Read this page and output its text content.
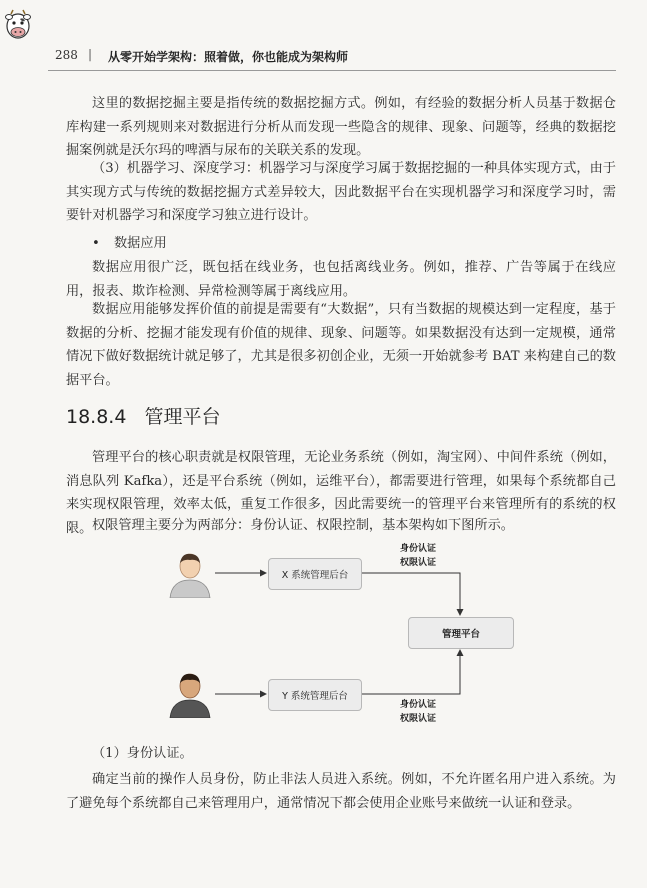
288 | 从零开始学架构：照着做，你也能成为架构师

这里的数据挖掘主要是指传统的数据挖掘方式。例如，有经验的数据分析人员基于数据仓库构建一系列规则来对数据进行分析从而发现一些隐含的规律、现象、问题等，经典的数据挖掘案例就是沃尔玛的啤酒与尿布的关联关系的发现。

（3）机器学习、深度学习：机器学习与深度学习属于数据挖掘的一种具体实现方式，由于其实现方式与传统的数据挖掘方式差异较大，因此数据平台在实现机器学习和深度学习时，需要针对机器学习和深度学习独立进行设计。

• 数据应用

数据应用很广泛，既包括在线业务，也包括离线业务。例如，推荐、广告等属于在线应用，报表、欺诈检测、异常检测等属于离线应用。

数据应用能够发挥价值的前提是需要有“大数据”，只有当数据的规模达到一定程度，基于数据的分析、挖掘才能发现有价值的规律、现象、问题等。如果数据没有达到一定规模，通常情况下做好数据统计就足够了，尤其是很多初创企业，无须一开始就参考 BAT 来构建自己的数据平台。

18.8.4 管理平台

管理平台的核心职责就是权限管理，无论业务系统（例如，淘宝网）、中间件系统（例如，消息队列 Kafka），还是平台系统（例如，运维平台），都需要进行管理，如果每个系统都自己来实现权限管理，效率太低，重复工作很多，因此需要统一的管理平台来管理所有的系统的权限。 权限管理主要分为两部分：身份认证、权限控制，基本架构如下图所示。

X 系统管理后台
Y 系统管理后台
管理平台
身份认证
权限认证
身份认证
权限认证
（1）身份认证。

确定当前的操作人员身份，防止非法人员进入系统。例如，不允许匿名用户进入系统。为了避免每个系统都自己来管理用户，通常情况下都会使用企业账号来做统一认证和登录。
